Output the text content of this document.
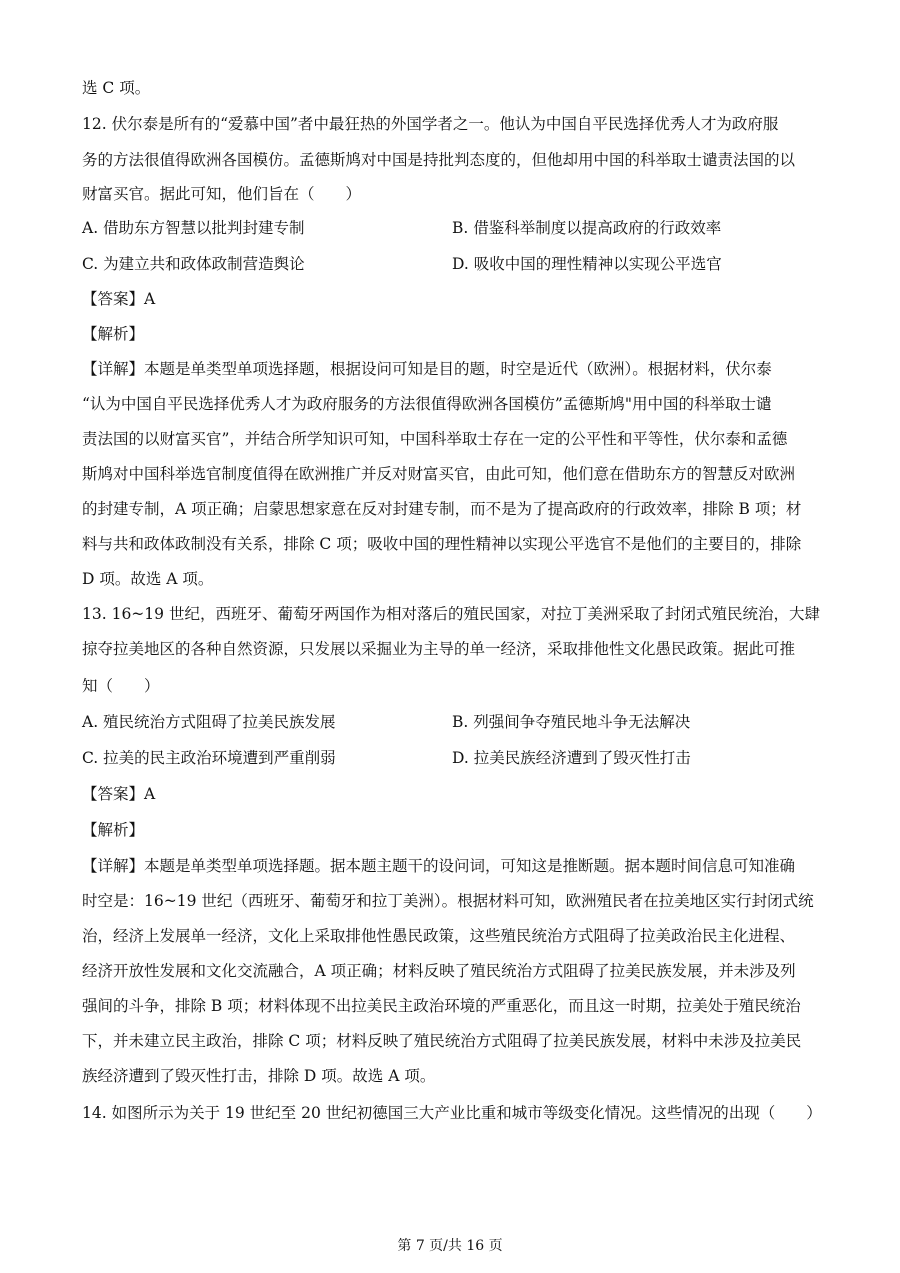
选 C 项。
12. 伏尔泰是所有的“爱慕中国”者中最狂热的外国学者之一。他认为中国自平民选择优秀人才为政府服
务的方法很值得欧洲各国模仿。孟德斯鸠对中国是持批判态度的，但他却用中国的科举取士谴责法国的以
财富买官。据此可知，他们旨在（　　）
A. 借助东方智慧以批判封建专制	B. 借鉴科举制度以提高政府的行政效率
C. 为建立共和政体政制营造舆论	D. 吸收中国的理性精神以实现公平选官
【答案】A
【解析】
【详解】本题是单类型单项选择题，根据设问可知是目的题，时空是近代（欧洲）。根据材料，伏尔泰
“认为中国自平民选择优秀人才为政府服务的方法很值得欧洲各国模仿”孟德斯鸠"用中国的科举取士谴
责法国的以财富买官”，并结合所学知识可知，中国科举取士存在一定的公平性和平等性，伏尔泰和孟德
斯鸠对中国科举选官制度值得在欧洲推广并反对财富买官，由此可知，他们意在借助东方的智慧反对欧洲
的封建专制，A 项正确；启蒙思想家意在反对封建专制，而不是为了提高政府的行政效率，排除 B 项；材
料与共和政体政制没有关系，排除 C 项；吸收中国的理性精神以实现公平选官不是他们的主要目的，排除
D 项。故选 A 项。
13. 16~19 世纪，西班牙、葡萄牙两国作为相对落后的殖民国家，对拉丁美洲采取了封闭式殖民统治，大肆
掠夺拉美地区的各种自然资源，只发展以采掘业为主导的单一经济，采取排他性文化愚民政策。据此可推
知（　　）
A. 殖民统治方式阻碍了拉美民族发展	B. 列强间争夺殖民地斗争无法解决
C. 拉美的民主政治环境遭到严重削弱	D. 拉美民族经济遭到了毁灭性打击
【答案】A
【解析】
【详解】本题是单类型单项选择题。据本题主题干的设问词，可知这是推断题。据本题时间信息可知准确
时空是：16~19 世纪（西班牙、葡萄牙和拉丁美洲）。根据材料可知，欧洲殖民者在拉美地区实行封闭式统
治，经济上发展单一经济，文化上采取排他性愚民政策，这些殖民统治方式阻碍了拉美政治民主化进程、
经济开放性发展和文化交流融合，A 项正确；材料反映了殖民统治方式阻碍了拉美民族发展，并未涉及列
强间的斗争，排除 B 项；材料体现不出拉美民主政治环境的严重恶化，而且这一时期，拉美处于殖民统治
下，并未建立民主政治，排除 C 项；材料反映了殖民统治方式阻碍了拉美民族发展，材料中未涉及拉美民
族经济遭到了毁灭性打击，排除 D 项。故选 A 项。
14. 如图所示为关于 19 世纪至 20 世纪初德国三大产业比重和城市等级变化情况。这些情况的出现（　　）
第 7 页/共 16 页
